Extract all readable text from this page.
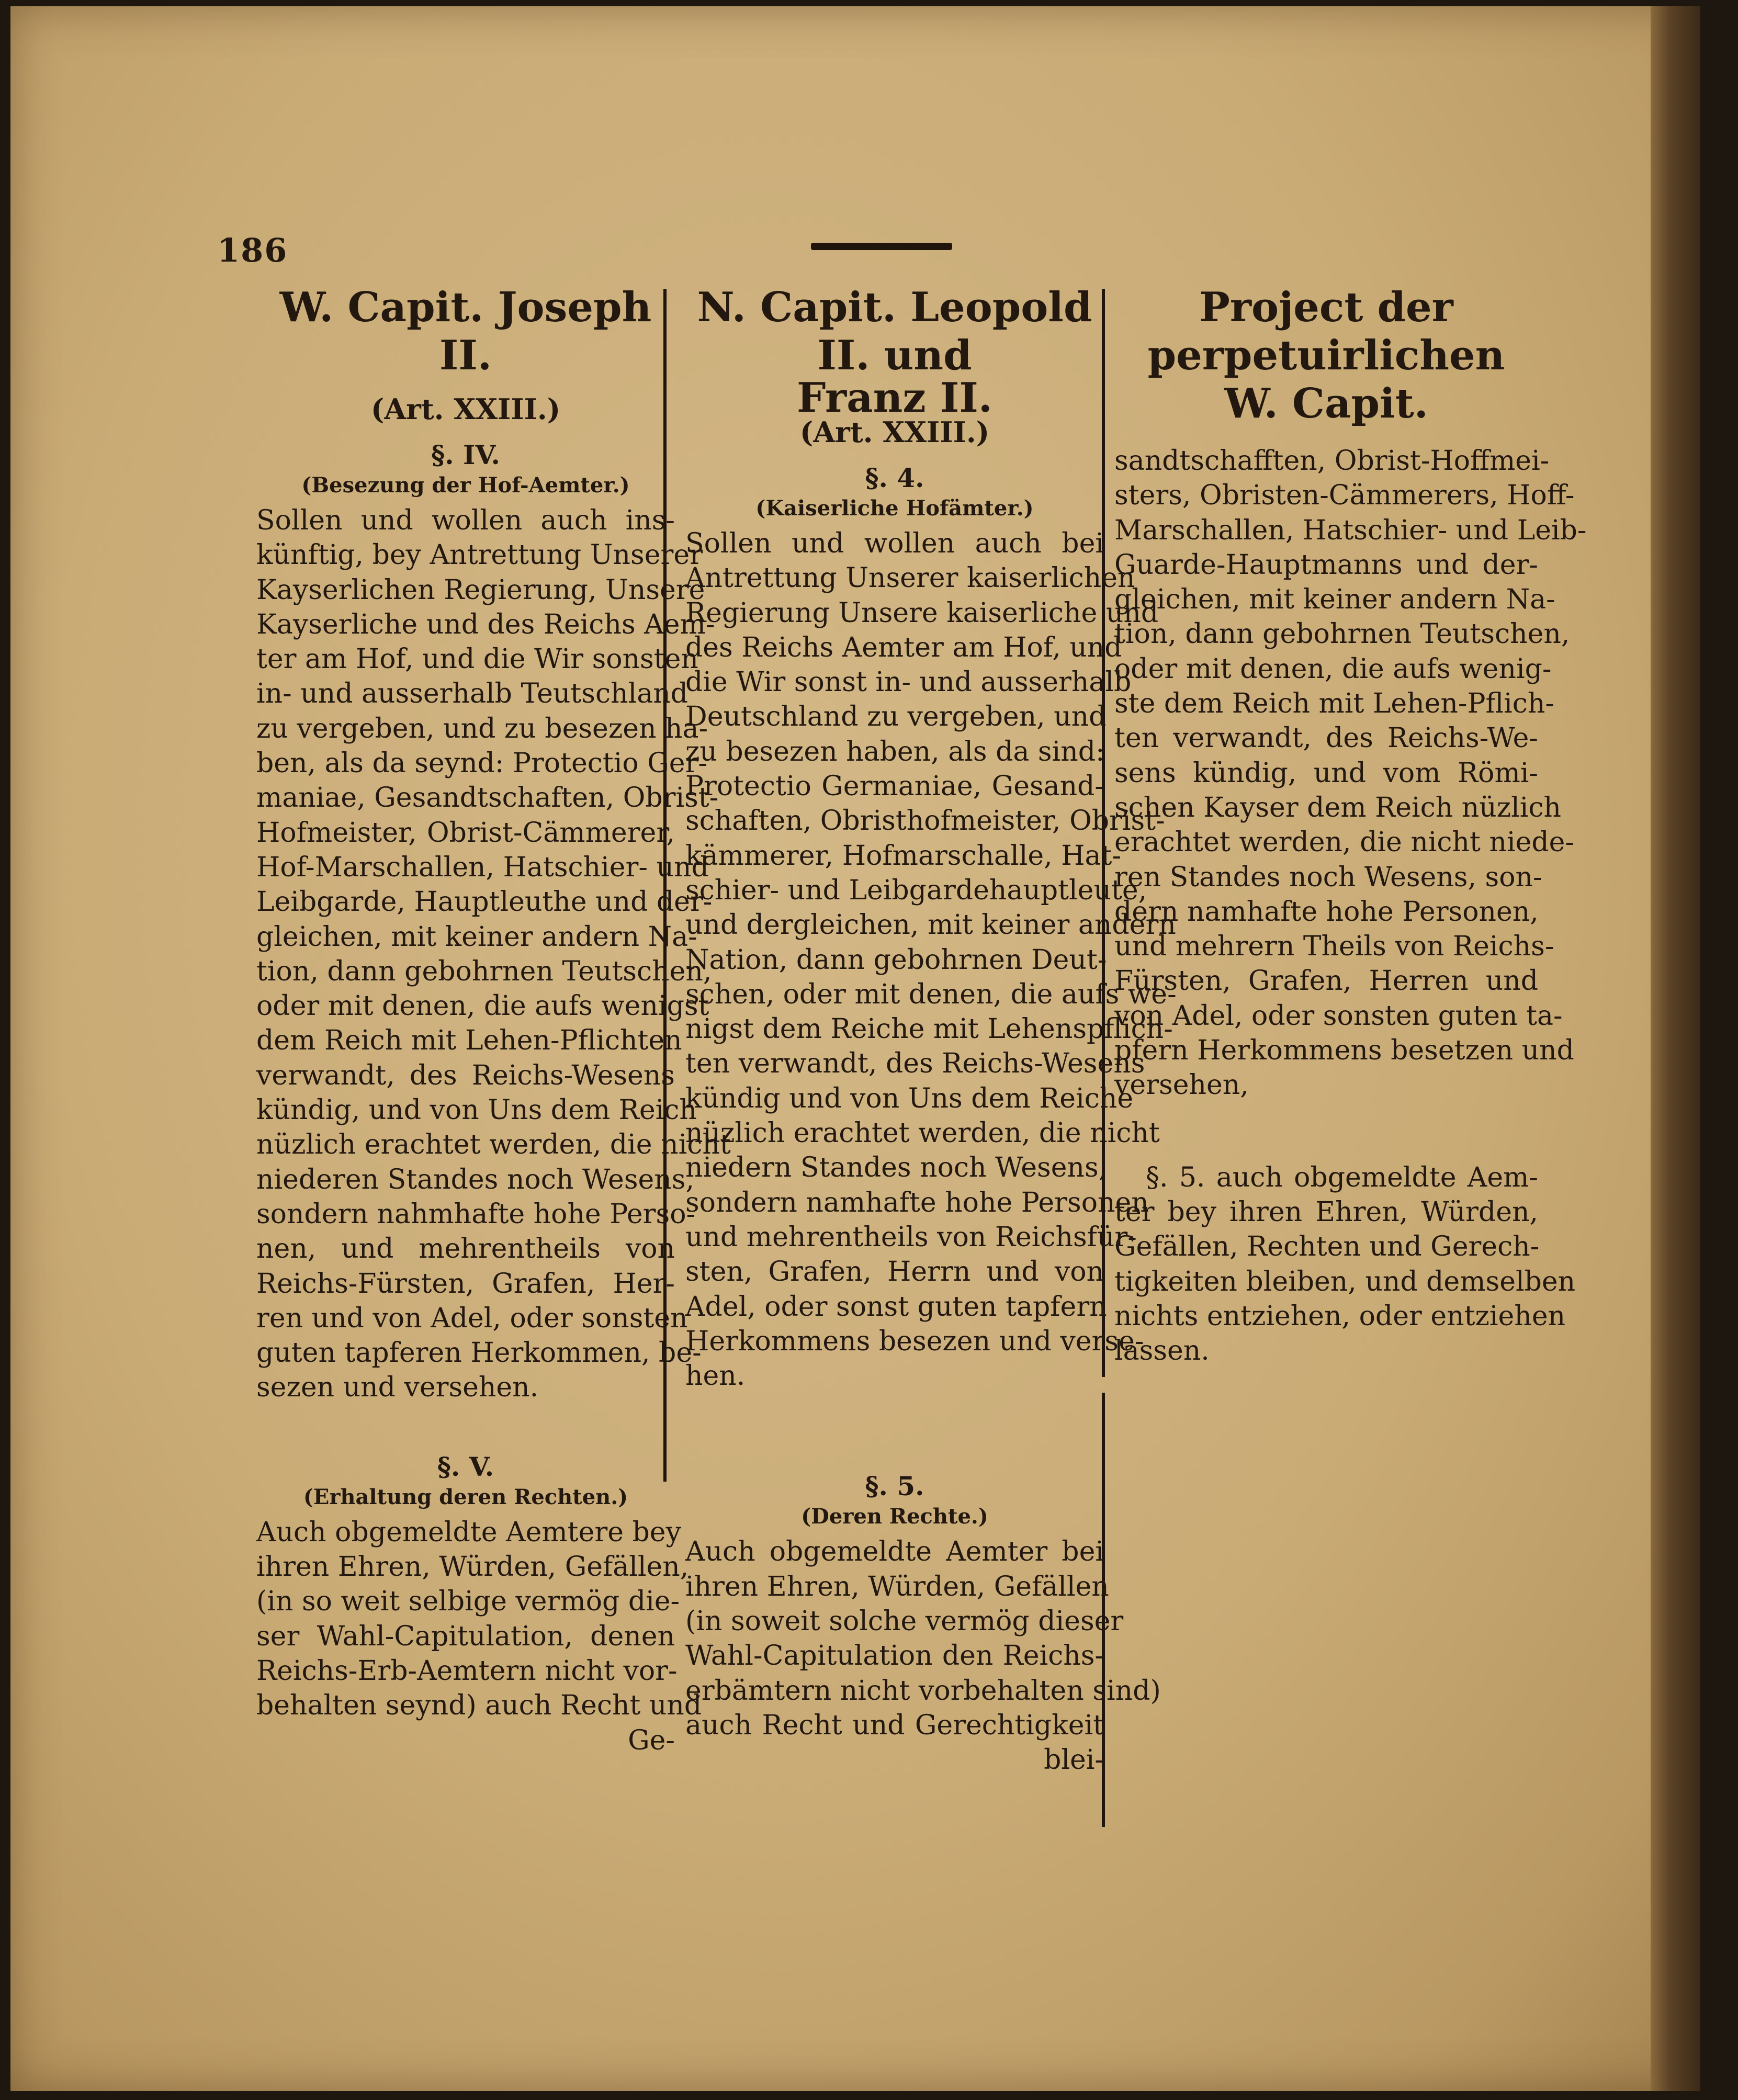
186
W. Capit. Joseph II.
(Art. XXIII.)
§. IV.
(Besezung der Hof-Aemter.)
Sollen und wollen auch ins-
künftig, bey Antrettung Unserer
Kayserlichen Regierung, Unsere
Kayserliche und des Reichs Aem-
ter am Hof, und die Wir sonsten
in- und ausserhalb Teutschland
zu vergeben, und zu besezen ha-
ben, als da seynd: Protectio Ger-
maniae, Gesandtschaften, Obrist-
Hofmeister, Obrist-Cämmerer,
Hof-Marschallen, Hatschier- und
Leibgarde, Hauptleuthe und der-
gleichen, mit keiner andern Na-
tion, dann gebohrnen Teutschen,
oder mit denen, die aufs wenigst
dem Reich mit Lehen-Pflichten
verwandt, des Reichs-Wesens
kündig, und von Uns dem Reich
nüzlich erachtet werden, die nicht
niederen Standes noch Wesens,
sondern nahmhafte hohe Perso-
nen, und mehrentheils von
Reichs-Fürsten, Grafen, Her-
ren und von Adel, oder sonsten
guten tapferen Herkommen, be-
sezen und versehen.
§. V.
(Erhaltung deren Rechten.)
Auch obgemeldte Aemtere bey
ihren Ehren, Würden, Gefällen,
(in so weit selbige vermög die-
ser Wahl-Capitulation, denen
Reichs-Erb-Aemtern nicht vor-
behalten seynd) auch Recht und
Ge-
N. Capit. Leopold II. und
Franz II.
(Art. XXIII.)
§. 4.
(Kaiserliche Hofämter.)
Sollen und wollen auch bei
Antrettung Unserer kaiserlichen
Regierung Unsere kaiserliche und
des Reichs Aemter am Hof, und
die Wir sonst in- und ausserhalb
Deutschland zu vergeben, und
zu besezen haben, als da sind:
Protectio Germaniae, Gesand-
schaften, Obristhofmeister, Obrist-
kämmerer, Hofmarschalle, Hat-
schier- und Leibgardehauptleute,
und dergleichen, mit keiner andern
Nation, dann gebohrnen Deut-
schen, oder mit denen, die aufs we-
nigst dem Reiche mit Lehenspflich-
ten verwandt, des Reichs-Wesens
kündig und von Uns dem Reiche
nüzlich erachtet werden, die nicht
niedern Standes noch Wesens,
sondern namhafte hohe Personen
und mehrentheils von Reichsfür-
sten, Grafen, Herrn und von
Adel, oder sonst guten tapfern
Herkommens besezen und verse-
hen.
§. 5.
(Deren Rechte.)
Auch obgemeldte Aemter bei
ihren Ehren, Würden, Gefällen
(in soweit solche vermög dieser
Wahl-Capitulation den Reichs-
erbämtern nicht vorbehalten sind)
auch Recht und Gerechtigkeit
blei-
Project der perpetuirlichen
W. Capit.
sandtschafften, Obrist-Hoffmei-
sters, Obristen-Cämmerers, Hoff-
Marschallen, Hatschier- und Leib-
Guarde-Hauptmanns und der-
gleichen, mit keiner andern Na-
tion, dann gebohrnen Teutschen,
oder mit denen, die aufs wenig-
ste dem Reich mit Lehen-Pflich-
ten verwandt, des Reichs-We-
sens kündig, und vom Römi-
schen Kayser dem Reich nüzlich
erachtet werden, die nicht niede-
ren Standes noch Wesens, son-
dern namhafte hohe Personen,
und mehrern Theils von Reichs-
Fürsten, Grafen, Herren und
von Adel, oder sonsten guten ta-
pfern Herkommens besetzen und
versehen,
§. 5. auch obgemeldte Aem-
ter bey ihren Ehren, Würden,
Gefällen, Rechten und Gerech-
tigkeiten bleiben, und demselben
nichts entziehen, oder entziehen
lassen.
